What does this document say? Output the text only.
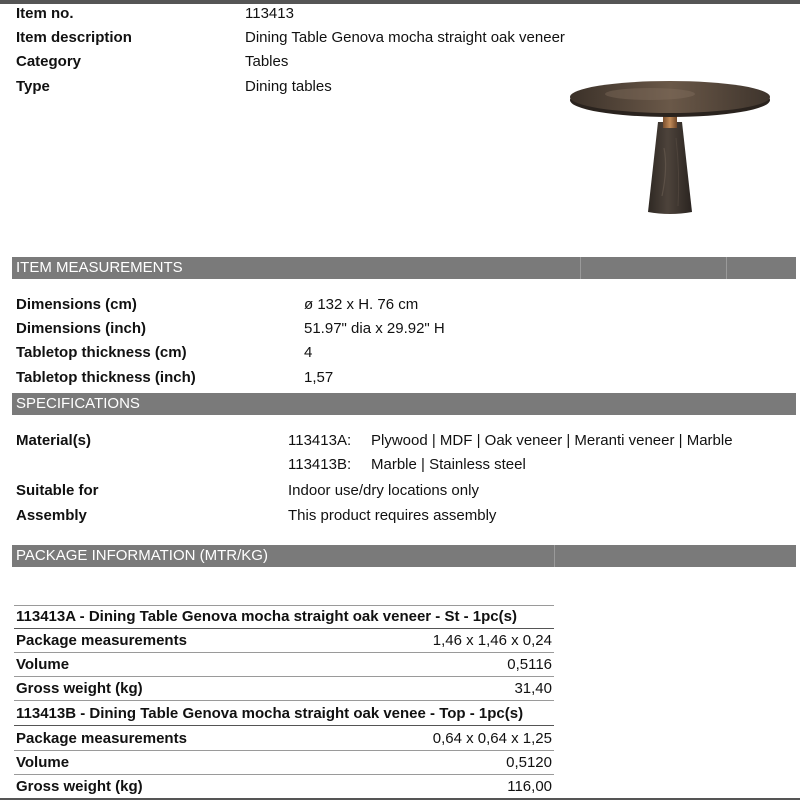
Item no.	113413
Item description	Dining Table Genova mocha straight oak veneer
Category	Tables
Type	Dining tables
ITEM MEASUREMENTS
Dimensions (cm)	ø 132 x H. 76 cm
Dimensions (inch)	51.97" dia x 29.92" H
Tabletop thickness (cm)	4
Tabletop thickness (inch)	1,57
SPECIFICATIONS
Material(s)	113413A: Plywood | MDF | Oak veneer | Meranti veneer | Marble
113413B: Marble | Stainless steel
Suitable for	Indoor use/dry locations only
Assembly	This product requires assembly
PACKAGE INFORMATION (MTR/KG)
113413A - Dining Table Genova mocha straight oak veneer - St - 1pc(s)
Package measurements	1,46 x 1,46 x 0,24
Volume	0,5116
Gross weight (kg)	31,40
113413B - Dining Table Genova mocha straight oak venee - Top - 1pc(s)
Package measurements	0,64 x 0,64 x 1,25
Volume	0,5120
Gross weight (kg)	116,00
